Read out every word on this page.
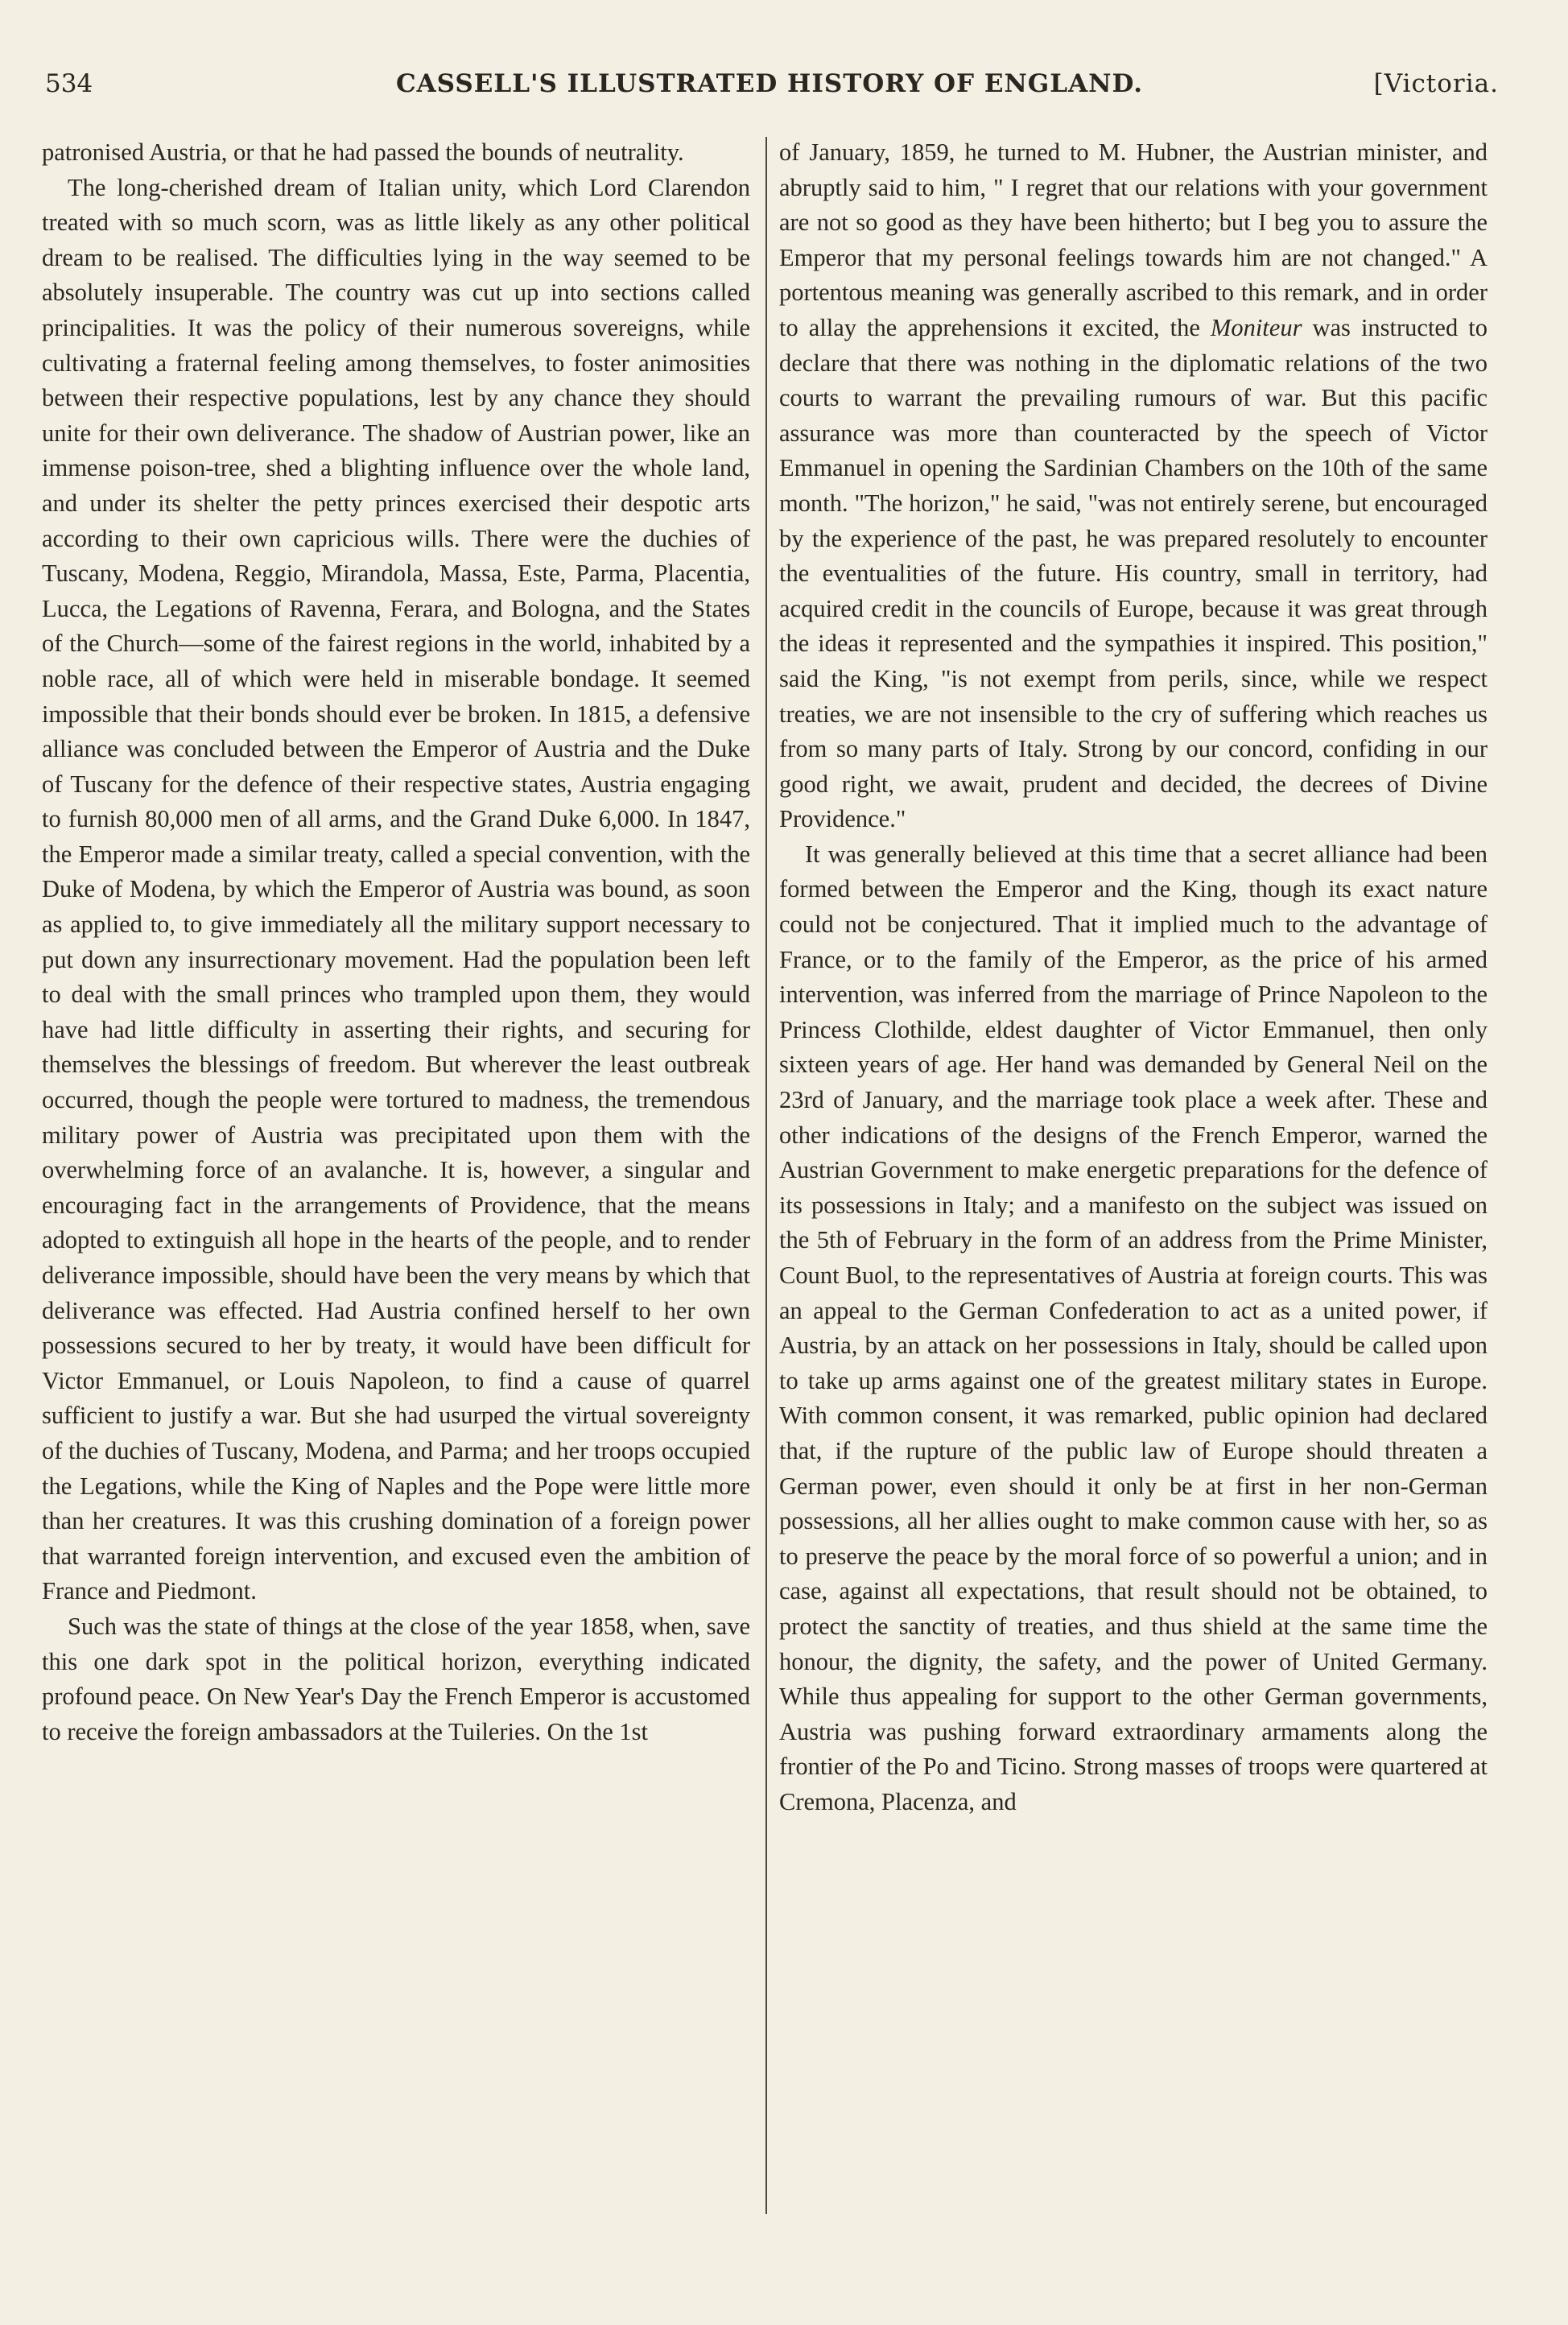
534	CASSELL'S ILLUSTRATED HISTORY OF ENGLAND.	[Victoria.

patronised Austria, or that he had passed the bounds of neutrality.

The long-cherished dream of Italian unity, which Lord Clarendon treated with so much scorn, was as little likely as any other political dream to be realised. The difficulties lying in the way seemed to be absolutely insuperable. The country was cut up into sections called principalities. It was the policy of their numerous sovereigns, while cultivating a fraternal feeling among themselves, to foster animosities between their respective populations, lest by any chance they should unite for their own deliverance. The shadow of Austrian power, like an immense poison-tree, shed a blighting influence over the whole land, and under its shelter the petty princes exercised their despotic arts according to their own capricious wills. There were the duchies of Tuscany, Modena, Reggio, Mirandola, Massa, Este, Parma, Placentia, Lucca, the Legations of Ravenna, Ferara, and Bologna, and the States of the Church—some of the fairest regions in the world, inhabited by a noble race, all of which were held in miserable bondage. It seemed impossible that their bonds should ever be broken. In 1815, a defensive alliance was concluded between the Emperor of Austria and the Duke of Tuscany for the defence of their respective states, Austria engaging to furnish 80,000 men of all arms, and the Grand Duke 6,000. In 1847, the Emperor made a similar treaty, called a special convention, with the Duke of Modena, by which the Emperor of Austria was bound, as soon as applied to, to give immediately all the military support necessary to put down any insurrectionary movement. Had the population been left to deal with the small princes who trampled upon them, they would have had little difficulty in asserting their rights, and securing for themselves the blessings of freedom. But wherever the least outbreak occurred, though the people were tortured to madness, the tremendous military power of Austria was precipitated upon them with the overwhelming force of an avalanche. It is, however, a singular and encouraging fact in the arrangements of Providence, that the means adopted to extinguish all hope in the hearts of the people, and to render deliverance impossible, should have been the very means by which that deliverance was effected. Had Austria confined herself to her own possessions secured to her by treaty, it would have been difficult for Victor Emmanuel, or Louis Napoleon, to find a cause of quarrel sufficient to justify a war. But she had usurped the virtual sovereignty of the duchies of Tuscany, Modena, and Parma; and her troops occupied the Legations, while the King of Naples and the Pope were little more than her creatures. It was this crushing domination of a foreign power that warranted foreign intervention, and excused even the ambition of France and Piedmont.

Such was the state of things at the close of the year 1858, when, save this one dark spot in the political horizon, everything indicated profound peace. On New Year's Day the French Emperor is accustomed to receive the foreign ambassadors at the Tuileries. On the 1st

of January, 1859, he turned to M. Hubner, the Austrian minister, and abruptly said to him, " I regret that our relations with your government are not so good as they have been hitherto; but I beg you to assure the Emperor that my personal feelings towards him are not changed." A portentous meaning was generally ascribed to this remark, and in order to allay the apprehensions it excited, the Moniteur was instructed to declare that there was nothing in the diplomatic relations of the two courts to warrant the prevailing rumours of war. But this pacific assurance was more than counteracted by the speech of Victor Emmanuel in opening the Sardinian Chambers on the 10th of the same month. "The horizon," he said, "was not entirely serene, but encouraged by the experience of the past, he was prepared resolutely to encounter the eventualities of the future. His country, small in territory, had acquired credit in the councils of Europe, because it was great through the ideas it represented and the sympathies it inspired. This position," said the King, "is not exempt from perils, since, while we respect treaties, we are not insensible to the cry of suffering which reaches us from so many parts of Italy. Strong by our concord, confiding in our good right, we await, prudent and decided, the decrees of Divine Providence."

It was generally believed at this time that a secret alliance had been formed between the Emperor and the King, though its exact nature could not be conjectured. That it implied much to the advantage of France, or to the family of the Emperor, as the price of his armed intervention, was inferred from the marriage of Prince Napoleon to the Princess Clothilde, eldest daughter of Victor Emmanuel, then only sixteen years of age. Her hand was demanded by General Neil on the 23rd of January, and the marriage took place a week after. These and other indications of the designs of the French Emperor, warned the Austrian Government to make energetic preparations for the defence of its possessions in Italy; and a manifesto on the subject was issued on the 5th of February in the form of an address from the Prime Minister, Count Buol, to the representatives of Austria at foreign courts. This was an appeal to the German Confederation to act as a united power, if Austria, by an attack on her possessions in Italy, should be called upon to take up arms against one of the greatest military states in Europe. With common consent, it was remarked, public opinion had declared that, if the rupture of the public law of Europe should threaten a German power, even should it only be at first in her non-German possessions, all her allies ought to make common cause with her, so as to preserve the peace by the moral force of so powerful a union; and in case, against all expectations, that result should not be obtained, to protect the sanctity of treaties, and thus shield at the same time the honour, the dignity, the safety, and the power of United Germany. While thus appealing for support to the other German governments, Austria was pushing forward extraordinary armaments along the frontier of the Po and Ticino. Strong masses of troops were quartered at Cremona, Placenza, and
